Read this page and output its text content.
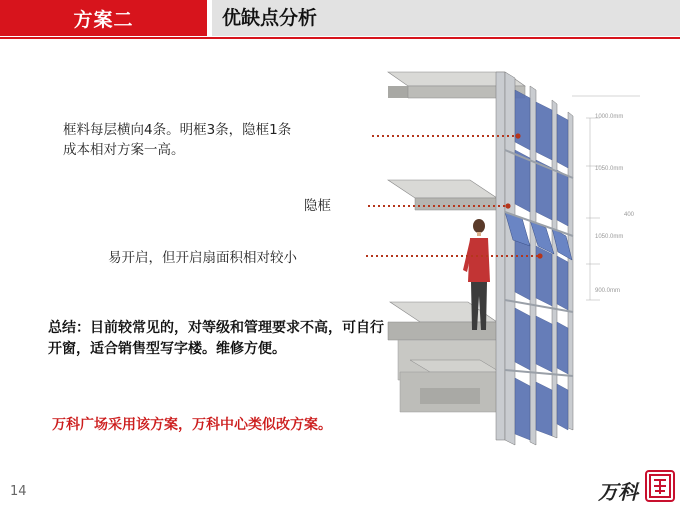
方案二	优缺点分析
1000.0mm
1050.0mm
1050.0mm
900.0mm
400
框料每层横向4条。明框3条，隐框1条
成本相对方案一高。
隐框
易开启，但开启扇面积相对较小
总结：目前较常见的，对等级和管理要求不高，可自行开窗，适合销售型写字楼。维修方便。
万科广场采用该方案，万科中心类似改方案。
14	万科
